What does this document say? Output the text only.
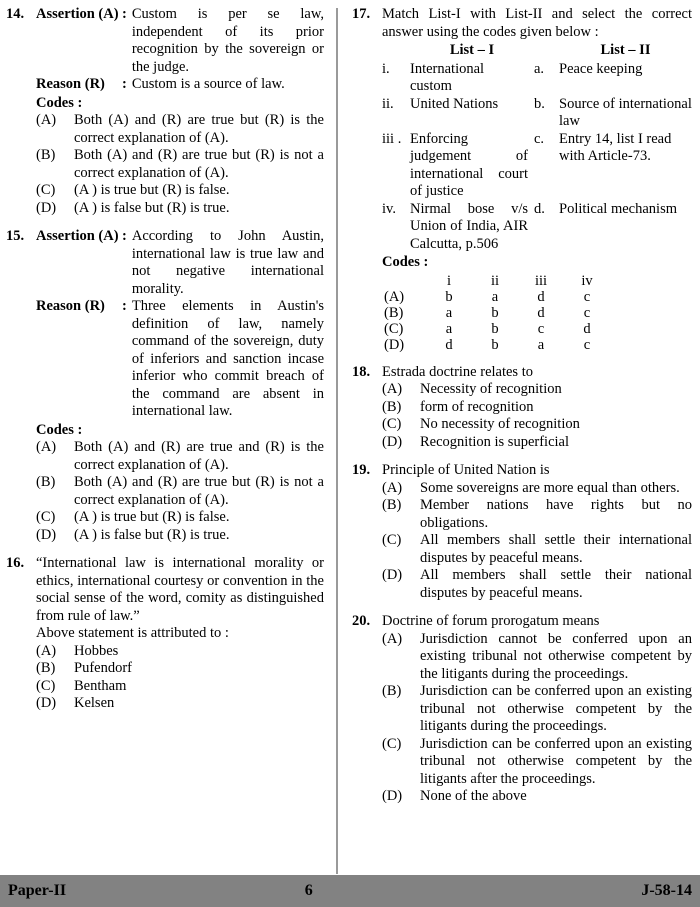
14. Assertion (A) : Custom is per se law, independent of its prior recognition by the sovereign or the judge.
Reason (R)	: Custom is a source of law.
Codes :
(A)	Both (A) and (R) are true but (R) is the correct explanation of (A).
(B)	Both (A) and (R) are true but (R) is not a correct explanation of (A).
(C)	(A ) is true but (R) is false.
(D)	(A ) is false but (R) is true.
15. Assertion (A) : According to John Austin, international law is true law and not negative international morality.
Reason (R)	: Three elements in Austin's definition of law, namely command of the sovereign, duty of inferiors and sanction incase inferior who commit breach of the command are absent in international law.
Codes :
(A)	Both (A) and (R) are true and (R) is the correct explanation of (A).
(B)	Both (A) and (R) are true but (R) is not a correct explanation of (A).
(C)	(A ) is true but (R) is false.
(D)	(A ) is false but (R) is true.
16. “International law is international morality or ethics, international courtesy or convention in the social sense of the word, comity as distinguished from rule of law.”
Above statement is attributed to :
(A)	Hobbes
(B)	Pufendorf
(C)	Bentham
(D)	Kelsen
17. Match List-I with List-II and select the correct answer using the codes given below :
	List – I		List – II
i.	International custom	a.	Peace keeping
ii.	United Nations	b.	Source of international law
iii .	Enforcing judgement of international court of justice	c.	Entry 14, list I read with Article-73.
iv.	Nirmal bose v/s Union of India, AIR Calcutta, p.506	d.	Political mechanism
Codes :
	i	ii	iii	iv
(A)	b	a	d	c
(B)	a	b	d	c
(C)	a	b	c	d
(D)	d	b	a	c
18. Estrada doctrine relates to
(A)	Necessity of recognition
(B)	form of recognition
(C)	No necessity of recognition
(D)	Recognition is superficial
19. Principle of United Nation is
(A)	Some sovereigns are more equal than others.
(B)	Member nations have rights but no obligations.
(C)	All members shall settle their international disputes by peaceful means.
(D)	All members shall settle their national disputes by peaceful means.
20. Doctrine of forum prorogatum means
(A)	Jurisdiction cannot be conferred upon an existing tribunal not otherwise competent by the litigants during the proceedings.
(B)	Jurisdiction can be conferred upon an existing tribunal not otherwise competent by the litigants during the proceedings.
(C)	Jurisdiction can be conferred upon an existing tribunal not otherwise competent by the litigants after the proceedings.
(D)	None of the above
Paper-II	6	J-58-14
